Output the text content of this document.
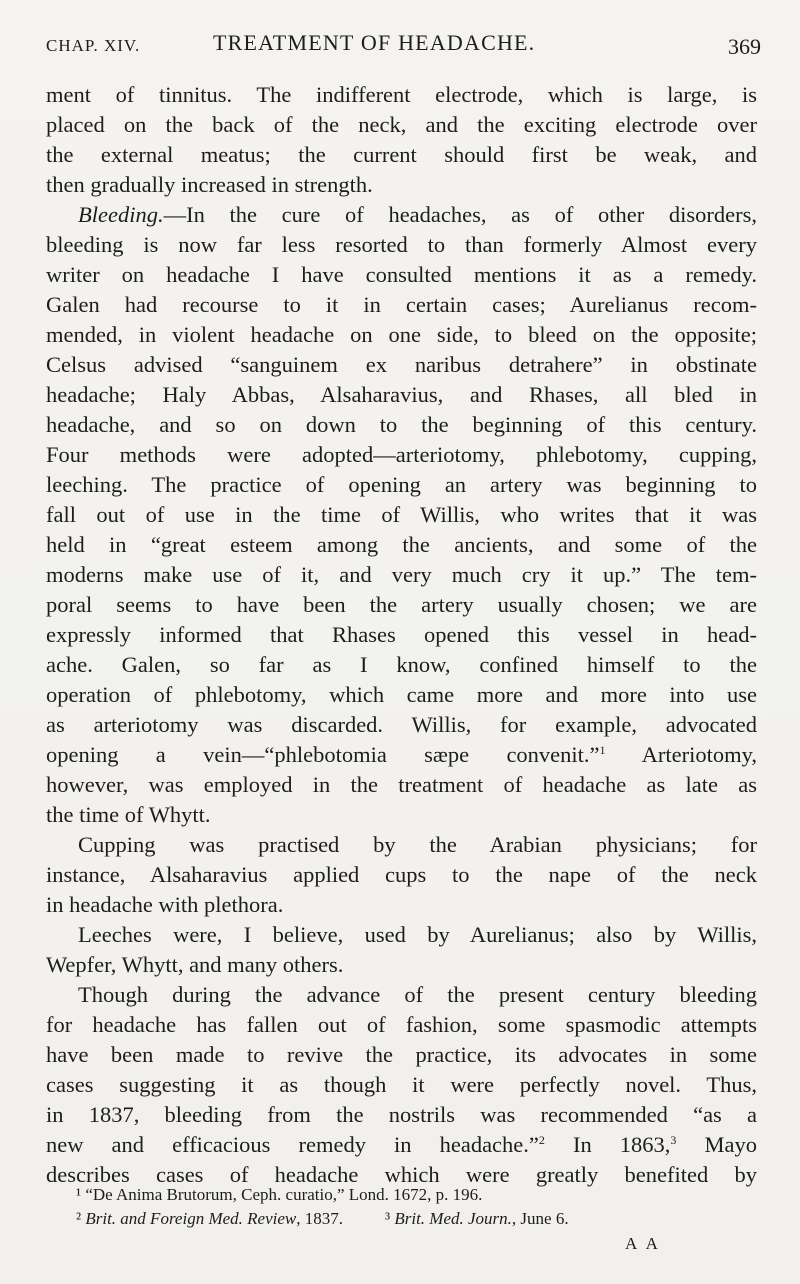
CHAP. XIV.	TREATMENT OF HEADACHE.	369
ment of tinnitus. The indifferent electrode, which is large, is
placed on the back of the neck, and the exciting electrode over
the external meatus; the current should first be weak, and
then gradually increased in strength.
Bleeding.—In the cure of headaches, as of other disorders,
bleeding is now far less resorted to than formerly Almost every
writer on headache I have consulted mentions it as a remedy.
Galen had recourse to it in certain cases; Aurelianus recom-
mended, in violent headache on one side, to bleed on the opposite;
Celsus advised “sanguinem ex naribus detrahere” in obstinate
headache; Haly Abbas, Alsaharavius, and Rhases, all bled in
headache, and so on down to the beginning of this century.
Four methods were adopted—arteriotomy, phlebotomy, cupping,
leeching. The practice of opening an artery was beginning to
fall out of use in the time of Willis, who writes that it was
held in “great esteem among the ancients, and some of the
moderns make use of it, and very much cry it up.” The tem-
poral seems to have been the artery usually chosen; we are
expressly informed that Rhases opened this vessel in head-
ache. Galen, so far as I know, confined himself to the
operation of phlebotomy, which came more and more into use
as arteriotomy was discarded. Willis, for example, advocated
opening a vein—“phlebotomia sæpe convenit.”$^1$ Arteriotomy,
however, was employed in the treatment of headache as late as
the time of Whytt.
Cupping was practised by the Arabian physicians; for
instance, Alsaharavius applied cups to the nape of the neck
in headache with plethora.
Leeches were, I believe, used by Aurelianus; also by Willis,
Wepfer, Whytt, and many others.
Though during the advance of the present century bleeding
for headache has fallen out of fashion, some spasmodic attempts
have been made to revive the practice, its advocates in some
cases suggesting it as though it were perfectly novel. Thus,
in 1837, bleeding from the nostrils was recommended “as a
new and efficacious remedy in headache.”$^2$ In 1863,$^3$ Mayo
describes cases of headache which were greatly benefited by
¹ “De Anima Brutorum, Ceph. curatio,” Lond. 1672, p. 196.
² Brit. and Foreign Med. Review, 1837. ³ Brit. Med. Journ., June 6.
A A
